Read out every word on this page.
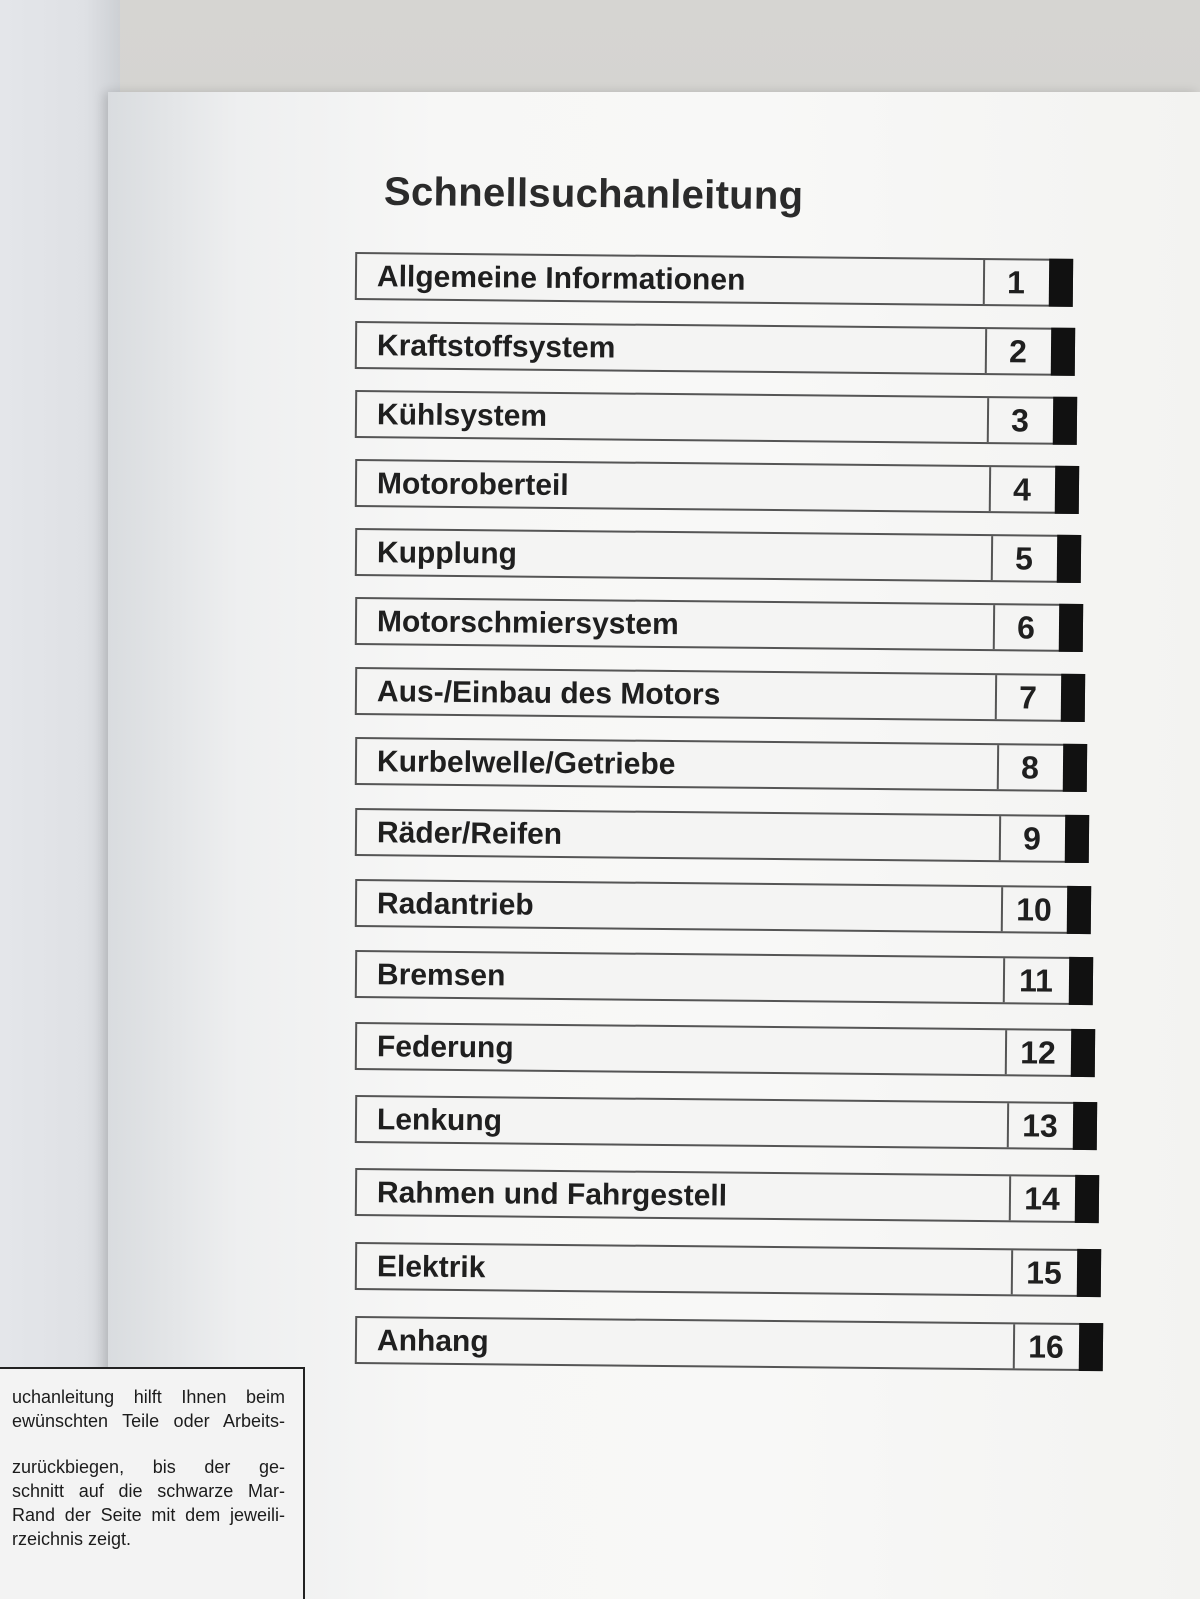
Schnellsuchanleitung
Allgemeine Informationen	1
Kraftstoffsystem	2
Kühlsystem	3
Motoroberteil	4
Kupplung	5
Motorschmiersystem	6
Aus-/Einbau des Motors	7
Kurbelwelle/Getriebe	8
Räder/Reifen	9
Radantrieb	10
Bremsen	11
Federung	12
Lenkung	13
Rahmen und Fahrgestell	14
Elektrik	15
Anhang	16
uchanleitung hilft Ihnen beim
ewünschten Teile oder Arbeits-
zurückbiegen, bis der ge-
schnitt auf die schwarze Mar-
Rand der Seite mit dem jeweili-
rzeichnis zeigt.
